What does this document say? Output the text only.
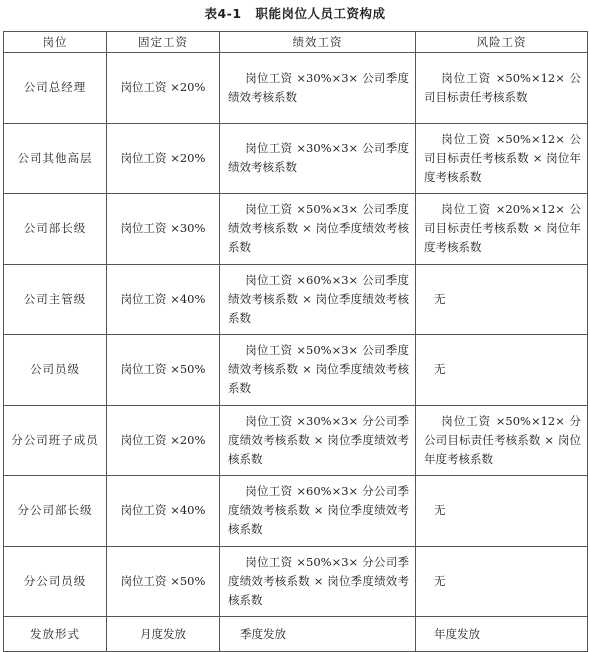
表4-1 职能岗位人员工资构成
岗位	固定工资	绩效工资	风险工资
公司总经理	岗位工资 ×20%	岗位工资 ×30%×3× 公司季度绩效考核系数	岗位工资 ×50%×12× 公司目标责任考核系数

公司其他高层	岗位工资 ×20%	岗位工资 ×30%×3× 公司季度绩效考核系数	岗位工资 ×50%×12× 公司目标责任考核系数 × 岗位年度考核系数

公司部长级	岗位工资 ×30%	岗位工资 ×50%×3× 公司季度绩效考核系数 × 岗位季度绩效考核系数	岗位工资 ×20%×12× 公司目标责任考核系数 × 岗位年度考核系数

公司主管级	岗位工资 ×40%	岗位工资 ×60%×3× 公司季度绩效考核系数 × 岗位季度绩效考核系数	无
公司员级	岗位工资 ×50%	岗位工资 ×50%×3× 公司季度绩效考核系数 × 岗位季度绩效考核系数	无
分公司班子成员	岗位工资 ×20%	岗位工资 ×30%×3× 分公司季度绩效考核系数 × 岗位季度绩效考核系数	岗位工资 ×50%×12× 分公司目标责任考核系数 × 岗位年度考核系数

分公司部长级	岗位工资 ×40%	岗位工资 ×60%×3× 分公司季度绩效考核系数 × 岗位季度绩效考核系数	无
分公司员级	岗位工资 ×50%	岗位工资 ×50%×3× 分公司季度绩效考核系数 × 岗位季度绩效考核系数	无
发放形式	月度发放	季度发放	年度发放
